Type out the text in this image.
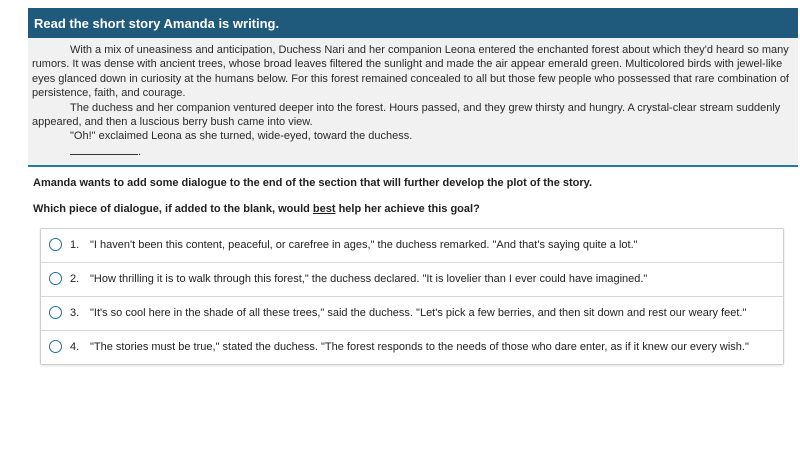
Read the short story Amanda is writing.

With a mix of uneasiness and anticipation, Duchess Nari and her companion Leona entered the enchanted forest about which they'd heard so many rumors. It was dense with ancient trees, whose broad leaves filtered the sunlight and made the air appear emerald green. Multicolored birds with jewel-like eyes glanced down in curiosity at the humans below. For this forest remained concealed to all but those few people who possessed that rare combination of persistence, faith, and courage.

The duchess and her companion ventured deeper into the forest. Hours passed, and they grew thirsty and hungry. A crystal-clear stream suddenly appeared, and then a luscious berry bush came into view.

"Oh!" exclaimed Leona as she turned, wide-eyed, toward the duchess.

.
Amanda wants to add some dialogue to the end of the section that will further develop the plot of the story.
Which piece of dialogue, if added to the blank, would best help her achieve this goal?
1. "I haven't been this content, peaceful, or carefree in ages," the duchess remarked. "And that's saying quite a lot."
2. "How thrilling it is to walk through this forest," the duchess declared. "It is lovelier than I ever could have imagined."
3. "It's so cool here in the shade of all these trees," said the duchess. "Let's pick a few berries, and then sit down and rest our weary feet."
4. "The stories must be true," stated the duchess. "The forest responds to the needs of those who dare enter, as if it knew our every wish."
